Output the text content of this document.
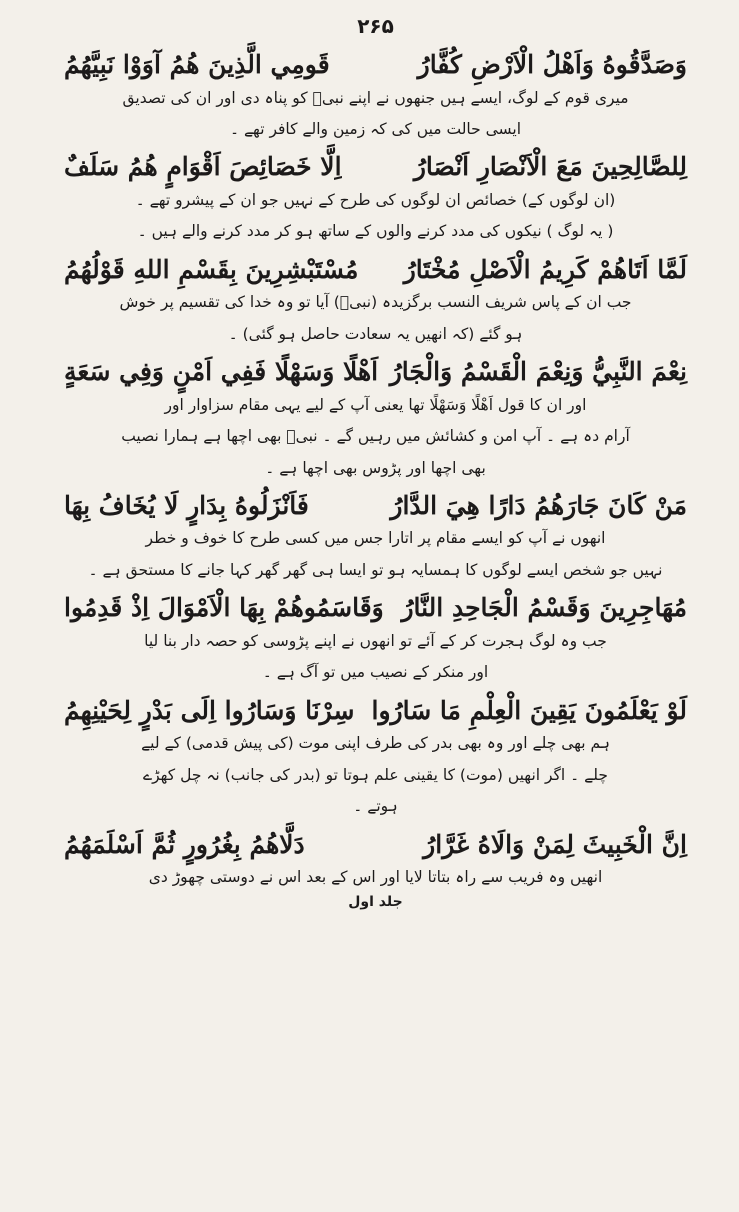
۲۶۵
قَومِي الَّذِينَ هُمُ آوَوْا نَبِيَّهُمُ	وَصَدَّقُوهُ وَاَهْلُ الْاَرْضِ كُفَّارُ
میری قوم کے لوگ، ایسے ہیں جنھوں نے اپنے نبیؐ کو پناہ دی اور ان کی تصدیق
ایسی حالت میں کی کہ زمین والے کافر تھے ۔
اِلَّا خَصَائِصَ اَقْوَامٍ هُمُ سَلَفٌ	لِلصَّالِحِينَ مَعَ الْاَنْصَارِ اَنْصَارُ
(ان لوگوں کے) خصائص ان لوگوں کی طرح کے نہیں جو ان کے پیشرو تھے ۔
( یہ لوگ ) نیکوں کی مدد کرنے والوں کے ساتھ ہو کر مدد کرنے والے ہیں ۔
مُسْتَبْشِرِينَ بِقَسْمِ اللهِ قَوْلُهُمُ لَمَّا اَتَاهُمْ كَرِيمُ الْاَصْلِ مُخْتَارُ
جب ان کے پاس شریف النسب برگزیدہ (نبیؐ) آیا تو وہ خدا کی تقسیم پر خوش
ہو گئے (کہ انھیں یہ سعادت حاصل ہو گئی) ۔
اَهْلًا وَسَهْلًا فَفِي اَمْنٍ وَفِي سَعَةٍ نِعْمَ النَّبِيُّ وَنِعْمَ الْقَسْمُ وَالْجَارُ
اور ان کا قول اَهْلًا وَسَهْلًا تھا یعنی آپ کے لیے یہی مقام سزاوار اور
آرام دہ ہے ۔ آپ امن و کشائش میں رہیں گے ۔ نبیؐ بھی اچھا ہے ہمارا نصیب
بھی اچھا اور پڑوس بھی اچھا ہے ۔
فَاَنْزَلُوهُ بِدَارٍ لَا يُخَافُ بِهَا	مَنْ كَانَ جَارَهُمُ دَارًا هِيَ الدَّارُ
انھوں نے آپ کو ایسے مقام پر اتارا جس میں کسی طرح کا خوف و خطر
نہیں جو شخص ایسے لوگوں کا ہمسایہ ہو تو ایسا ہی گھر گھر کہا جانے کا مستحق ہے ۔
وَقَاسَمُوهُمْ بِهَا الْاَمْوَالَ اِذْ قَدِمُوا مُهَاجِرِينَ وَقَسْمُ الْجَاحِدِ النَّارُ
جب وہ لوگ ہجرت کر کے آئے تو انھوں نے اپنے پڑوسی کو حصہ دار بنا لیا
اور منکر کے نصیب میں تو آگ ہے ۔
سِرْنَا وَسَارُوا اِلَى بَدْرٍ لِحَيْنِهِمُ لَوْ يَعْلَمُونَ يَقِينَ الْعِلْمِ مَا سَارُوا
ہم بھی چلے اور وہ بھی بدر کی طرف اپنی موت (کی پیش قدمی) کے لیے
چلے ۔ اگر انھیں (موت) کا یقینی علم ہوتا تو (بدر کی جانب) نہ چل کھڑے
ہوتے ۔
دَلَّاهُمُ بِغُرُورٍ ثُمَّ اَسْلَمَهُمُ	اِنَّ الْخَبِيثَ لِمَنْ وَالَاهُ غَرَّارُ
انھیں وہ فریب سے راہ بتاتا لایا اور اس کے بعد اس نے دوستی چھوڑ دی
جلد اول
